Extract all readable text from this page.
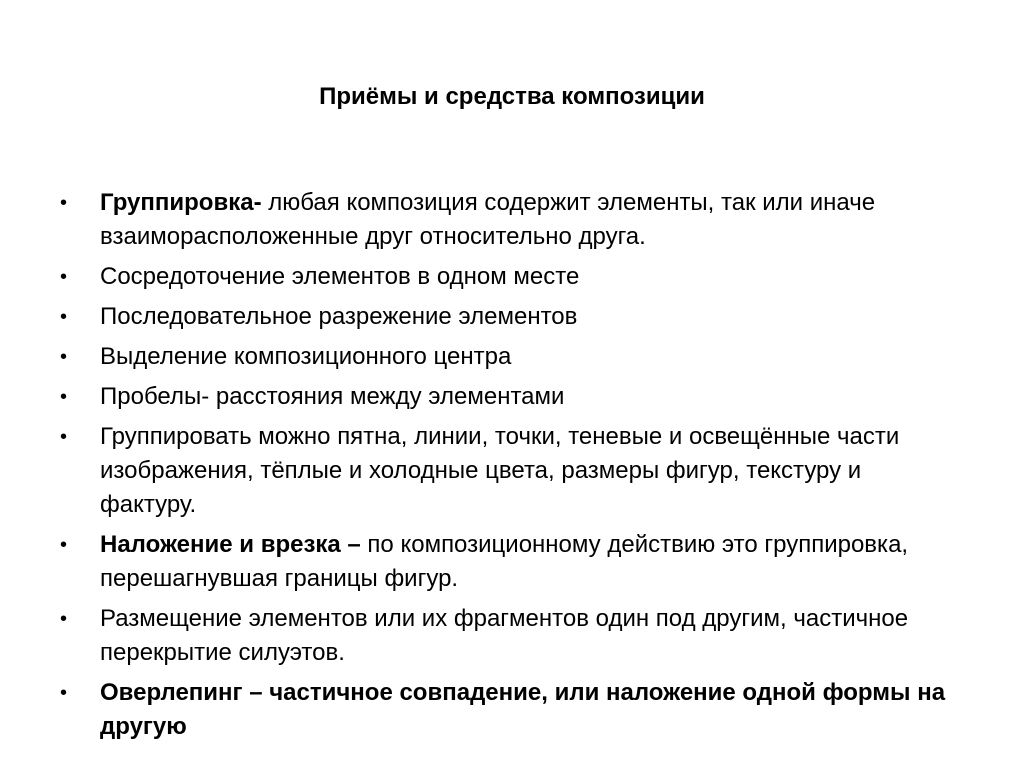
Приёмы и средства композиции
•	Группировка- любая композиция содержит элементы, так или иначе взаиморасположенные друг относительно друга.
•	Сосредоточение элементов в одном месте
•	Последовательное разрежение элементов
•	Выделение композиционного центра
•	Пробелы- расстояния между элементами
•	Группировать можно пятна, линии, точки, теневые и освещённые части изображения, тёплые и холодные цвета, размеры фигур, текстуру и фактуру.
•	Наложение и врезка – по композиционному действию это группировка, перешагнувшая границы фигур.
•	Размещение элементов или их фрагментов один под другим, частичное перекрытие силуэтов.
•	Оверлепинг – частичное совпадение, или наложение одной формы на другую
